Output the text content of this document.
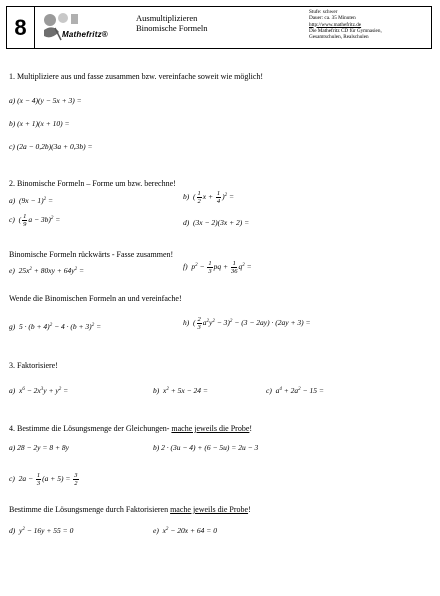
8	Mathefritz®
Ausmultiplizieren
Binomische Formeln
Stufe: schwer
Dauer: ca. 35 Minuten
http://www.mathefritz.de
Die Mathefritz CD für Gymnasien,
Gesamtschulen, Realschulen
1. Multipliziere aus und fasse zusammen bzw. vereinfache soweit wie möglich!
a) (x − 4)(y − 5x + 3) =
b) (x + 1)(x + 10) =
c) (2a − 0,2b)(3a + 0,3b) =
2. Binomische Formeln – Forme um bzw. berechne!
a)  $(9x - 1)^2$ =	b)  ( $\frac{1}{2}$ $x + \frac{1}{4} )^2$ =
c)  ( $\frac{1}{9}$ a − 3b)$^2$ =	d)  (3x − 2)(3x + 2) =
Binomische Formeln rückwärts - Fasse zusammen!
e)  $25x^2 + 80xy + 64y^2$ =	f) $p^2 - \frac{1}{3}$ pq + $\frac{1}{36} q^2$ =
Wende die Binomischen Formeln an und vereinfache!
g)  $5 \cdot (b + 4)^2 - 4 \cdot (b + 3)^2$ =	h)  ( $\frac{2}{3} a^2y^2 - 3)^2 - (3 - 2ay) \cdot (2ay + 3)$ =
3. Faktorisiere!
a) $x^6 - 2x^3y + y^2$ =	b) $x^2 + 5x - 24$ =	c) $a^4 + 2a^2 - 15$ =
4. Bestimme die Lösungsmenge der Gleichungen- mache jeweils die Probe!
a) 28 − 2y = 8 + 8y	b) 2 · (3u − 4) + (6 − 5u) = 2u − 3
c)  $2a - \frac{1}{3} (a + 5) = \frac{3}{2}$
Bestimme die Lösungsmenge durch Faktorisieren mache jeweils die Probe!
d) $y^2 - 16y + 55 = 0$	e) $x^2 - 20x + 64 = 0$
